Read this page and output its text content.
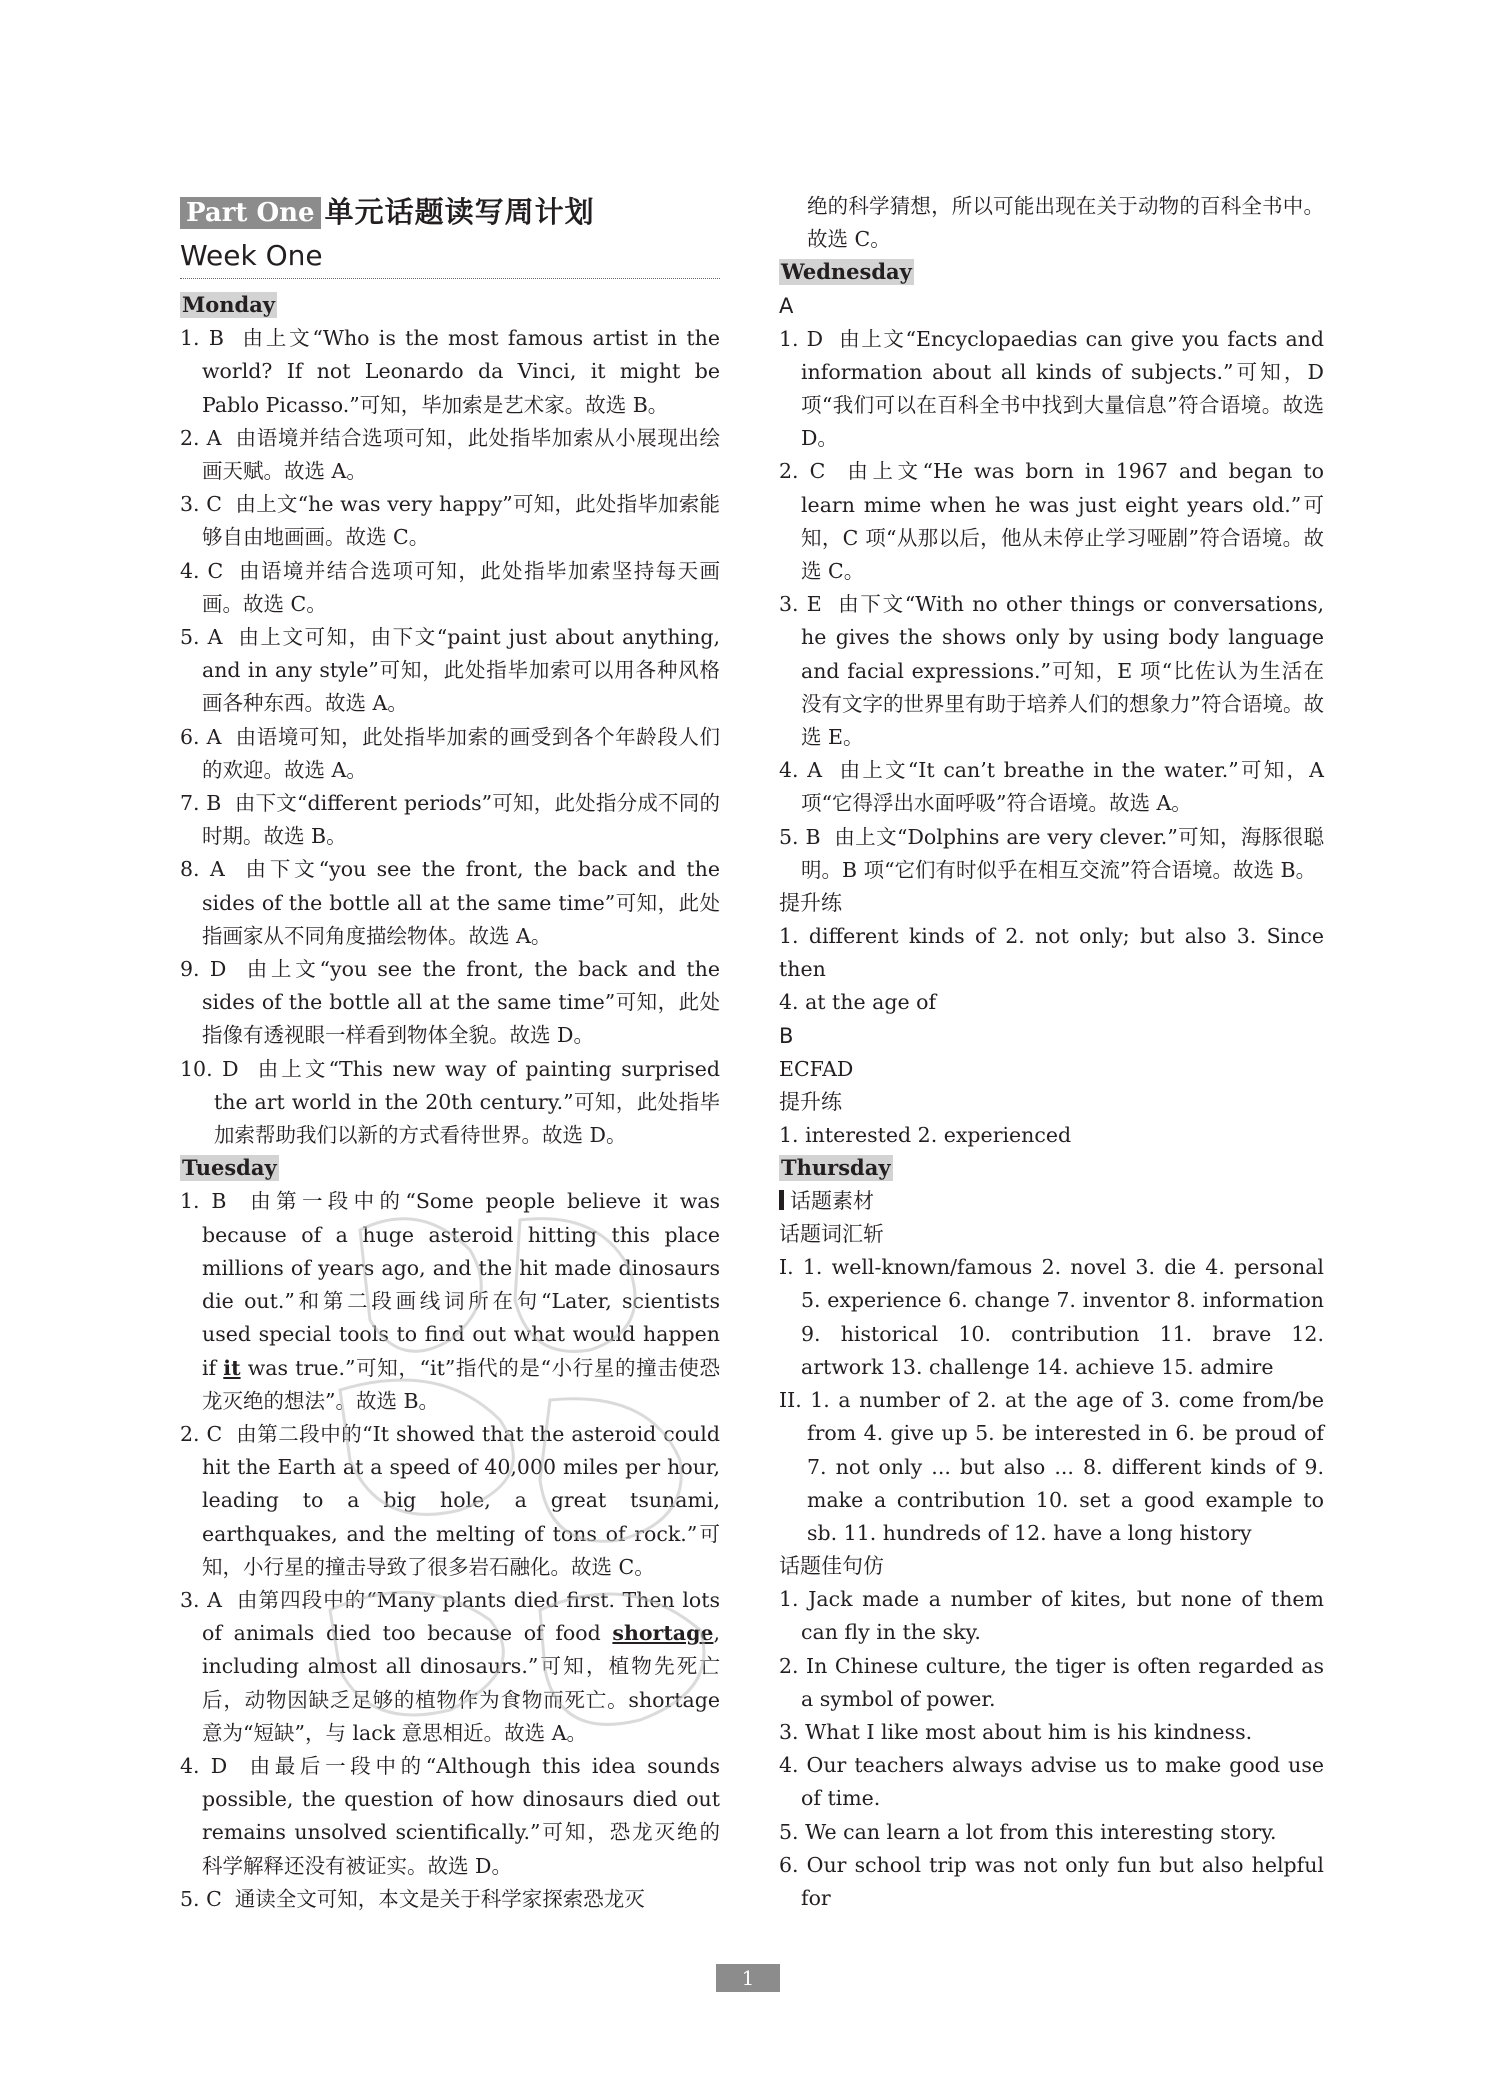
Part One 单元话题读写周计划
Week One
Monday
1. B 由上文“Who is the most famous artist in the world? If not Leonardo da Vinci, it might be Pablo Picasso.”可知，毕加索是艺术家。故选 B。
2. A 由语境并结合选项可知，此处指毕加索从小展现出绘画天赋。故选 A。
3. C 由上文“he was very happy”可知，此处指毕加索能够自由地画画。故选 C。
4. C 由语境并结合选项可知，此处指毕加索坚持每天画画。故选 C。
5. A 由上文可知，由下文“paint just about anything, and in any style”可知，此处指毕加索可以用各种风格画各种东西。故选 A。
6. A 由语境可知，此处指毕加索的画受到各个年龄段人们的欢迎。故选 A。
7. B 由下文“different periods”可知，此处指分成不同的时期。故选 B。
8. A 由下文“you see the front, the back and the sides of the bottle all at the same time”可知，此处指画家从不同角度描绘物体。故选 A。
9. D 由上文“you see the front, the back and the sides of the bottle all at the same time”可知，此处指像有透视眼一样看到物体全貌。故选 D。
10. D 由上文“This new way of painting surprised the art world in the 20th century.”可知，此处指毕加索帮助我们以新的方式看待世界。故选 D。
Tuesday
1. B 由第一段中的“Some people believe it was because of a huge asteroid hitting this place millions of years ago, and the hit made dinosaurs die out.”和第二段画线词所在句“Later, scientists used special tools to find out what would happen if it was true.”可知，“it”指代的是“小行星的撞击使恐龙灭绝的想法”。故选 B。
2. C 由第二段中的“It showed that the asteroid could hit the Earth at a speed of 40,000 miles per hour, leading to a big hole, a great tsunami, earthquakes, and the melting of tons of rock.”可知，小行星的撞击导致了很多岩石融化。故选 C。
3. A 由第四段中的“Many plants died first. Then lots of animals died too because of food shortage, including almost all dinosaurs.”可知，植物先死亡后，动物因缺乏足够的植物作为食物而死亡。shortage 意为“短缺”，与 lack 意思相近。故选 A。
4. D 由最后一段中的“Although this idea sounds possible, the question of how dinosaurs died out remains unsolved scientifically.”可知，恐龙灭绝的科学解释还没有被证实。故选 D。
5. C 通读全文可知，本文是关于科学家探索恐龙灭
绝的科学猜想，所以可能出现在关于动物的百科全书中。故选 C。
Wednesday
A
1. D 由上文“Encyclopaedias can give you facts and information about all kinds of subjects.”可知，D 项“我们可以在百科全书中找到大量信息”符合语境。故选 D。
2. C 由上文“He was born in 1967 and began to learn mime when he was just eight years old.”可知，C 项“从那以后，他从未停止学习哑剧”符合语境。故选 C。
3. E 由下文“With no other things or conversations, he gives the shows only by using body language and facial expressions.”可知，E 项“比佐认为生活在没有文字的世界里有助于培养人们的想象力”符合语境。故选 E。
4. A 由上文“It can’t breathe in the water.”可知，A 项“它得浮出水面呼吸”符合语境。故选 A。
5. B 由上文“Dolphins are very clever.”可知，海豚很聪明。B 项“它们有时似乎在相互交流”符合语境。故选 B。
提升练
1. different kinds of 2. not only; but also 3. Since then
4. at the age of
B
ECFAD
提升练
1. interested 2. experienced
Thursday
话题素材
话题词汇斩
I. 1. well-known/famous 2. novel 3. die 4. personal 5. experience 6. change 7. inventor 8. information 9. historical 10. contribution 11. brave 12. artwork 13. challenge 14. achieve 15. admire
II. 1. a number of 2. at the age of 3. come from/be from 4. give up 5. be interested in 6. be proud of 7. not only ... but also ... 8. different kinds of 9. make a contribution 10. set a good example to sb. 11. hundreds of 12. have a long history
话题佳句仿
1. Jack made a number of kites, but none of them can fly in the sky.
2. In Chinese culture, the tiger is often regarded as a symbol of power.
3. What I like most about him is his kindness.
4. Our teachers always advise us to make good use of time.
5. We can learn a lot from this interesting story.
6. Our school trip was not only fun but also helpful for
1
